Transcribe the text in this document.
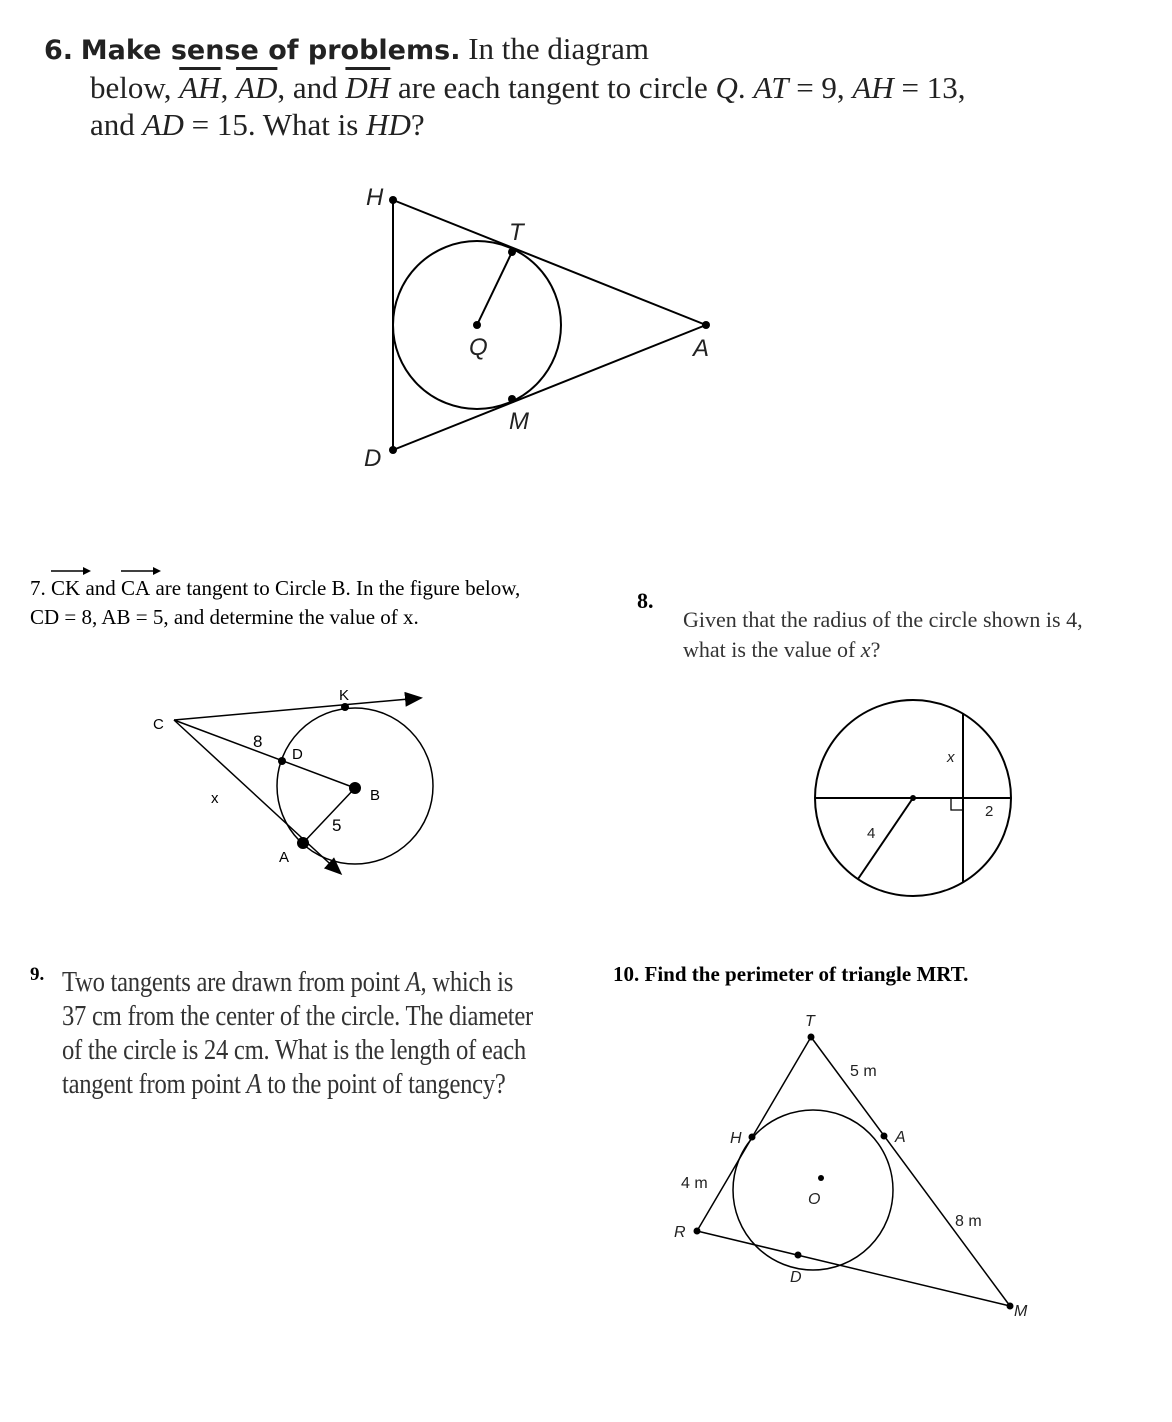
6. Make sense of problems. In the diagram
below, $\overline{AH}$, $\overline{AD}$, and $\overline{DH}$ are each tangent to circle Q. AT = 9, AH = 13,
and AD = 15. What is HD?
H
T
Q	A
M
D
7. CK and
CA are tangent to Circle B. In the figure below,
CD = 8, AB = 5, and determine the value of x.
C
K
D
B
A
x
8
5
8.
Given that the radius of the circle shown is 4,
what is the value of x?
x
4
2
9. Two tangents are drawn from point A, which is
37 cm from the center of the circle. The diameter
of the circle is 24 cm. What is the length of each
tangent from point A to the point of tangency?
10. Find the perimeter of triangle MRT.
T
H	A
O
R
D
M
5 m
4 m
8 m
